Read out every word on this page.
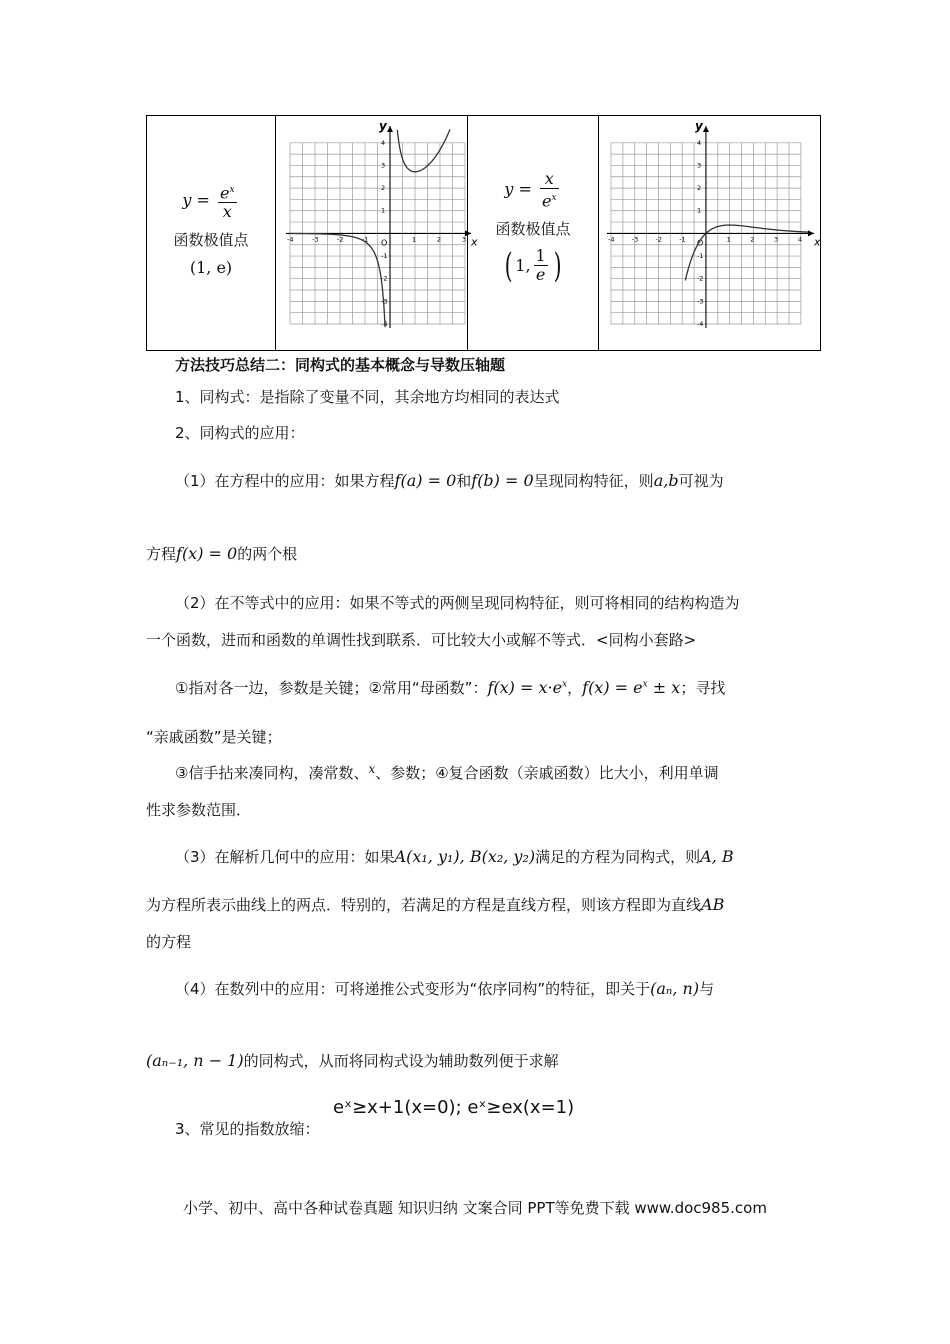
$y = \frac{e^x}{x}$
函数极值点
(1, e)

y
x
O
-4	-3	-2	-1	1	2	3
4
3
2
1
-1
-2
-3
-4

$y = \frac{x}{e^x}$
函数极值点
( 1, $\frac{1}{e}$ )

y
x
O
-4	-3	-2	-1	1	2	3	4
4
3
2
1
-1
-2
-3
-4
方法技巧总结二：同构式的基本概念与导数压轴题
1、同构式：是指除了变量不同，其余地方均相同的表达式
2、同构式的应用：
（1）在方程中的应用：如果方程f(a) = 0和f(b) = 0呈现同构特征，则a,b可视为
方程f(x) = 0的两个根
（2）在不等式中的应用：如果不等式的两侧呈现同构特征，则可将相同的结构构造为
一个函数，进而和函数的单调性找到联系．可比较大小或解不等式．<同构小套路>
①指对各一边，参数是关键；②常用“母函数”：$f(x) = x\cdot e^x$，$f(x) = e^x \pm x$；寻找
“亲戚函数”是关键；
③信手拈来凑同构，凑常数、$^x$、参数；④复合函数（亲戚函数）比大小，利用单调
性求参数范围．
（3）在解析几何中的应用：如果A(x₁, y₁), B(x₂, y₂)满足的方程为同构式，则A, B
为方程所表示曲线上的两点．特别的，若满足的方程是直线方程，则该方程即为直线AB
的方程
（4）在数列中的应用：可将递推公式变形为“依序同构”的特征，即关于(aₙ, n)与
(aₙ₋₁, n − 1)的同构式，从而将同构式设为辅助数列便于求解
eˣ≥x+1(x=0); eˣ≥ex(x=1)
3、常见的指数放缩：
小学、初中、高中各种试卷真题 知识归纳 文案合同 PPT等免费下载 www.doc985.com
